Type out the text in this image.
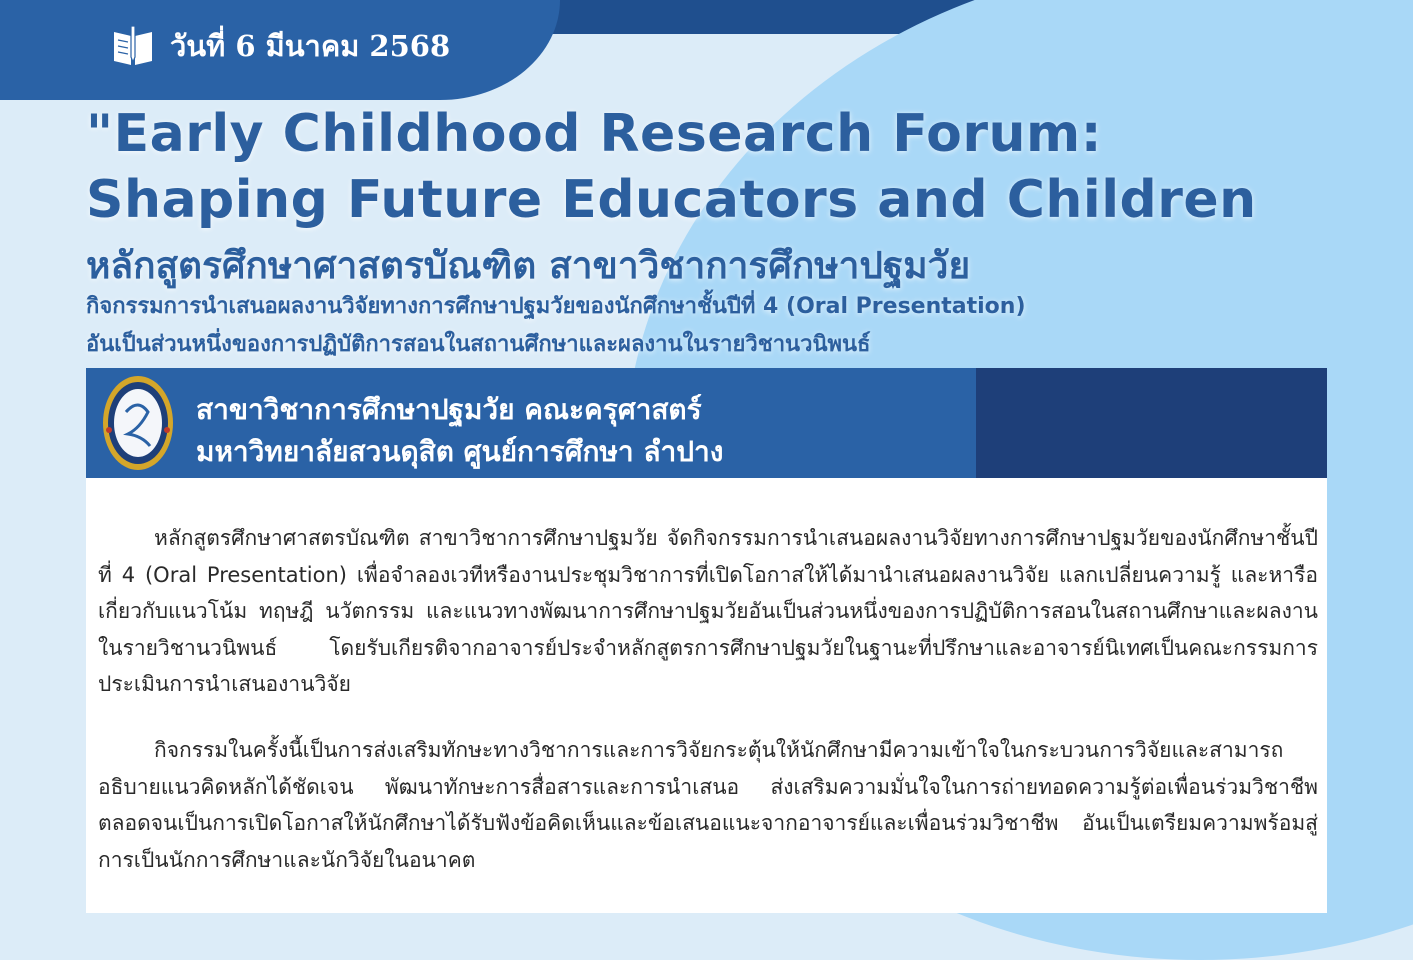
วันที่ 6 มีนาคม 2568
"Early Childhood Research Forum:
Shaping Future Educators and Children
หลักสูตรศึกษาศาสตรบัณฑิต สาขาวิชาการศึกษาปฐมวัย
กิจกรรมการนำเสนอผลงานวิจัยทางการศึกษาปฐมวัยของนักศึกษาชั้นปีที่ 4 (Oral Presentation)
อันเป็นส่วนหนึ่งของการปฏิบัติการสอนในสถานศึกษาและผลงานในรายวิชานวนิพนธ์
สาขาวิชาการศึกษาปฐมวัย คณะครุศาสตร์
มหาวิทยาลัยสวนดุสิต ศูนย์การศึกษา ลำปาง

หลักสูตรศึกษาศาสตรบัณฑิต สาขาวิชาการศึกษาปฐมวัย จัดกิจกรรมการนำเสนอผลงานวิจัยทางการศึกษาปฐมวัยของนักศึกษาชั้นปีที่ 4 (Oral Presentation) เพื่อจำลองเวทีหรืองานประชุมวิชาการที่เปิดโอกาสให้ได้มานำเสนอผลงานวิจัย แลกเปลี่ยนความรู้ และหารือเกี่ยวกับแนวโน้ม ทฤษฎี นวัตกรรม และแนวทางพัฒนาการศึกษาปฐมวัยอันเป็นส่วนหนึ่งของการปฏิบัติการสอนในสถานศึกษาและผลงานในรายวิชานวนิพนธ์ โดยรับเกียรติจากอาจารย์ประจำหลักสูตรการศึกษาปฐมวัยในฐานะที่ปรึกษาและอาจารย์นิเทศเป็นคณะกรรมการประเมินการนำเสนองานวิจัย

กิจกรรมในครั้งนี้เป็นการส่งเสริมทักษะทางวิชาการและการวิจัยกระตุ้นให้นักศึกษามีความเข้าใจในกระบวนการวิจัยและสามารถอธิบายแนวคิดหลักได้ชัดเจน พัฒนาทักษะการสื่อสารและการนำเสนอ ส่งเสริมความมั่นใจในการถ่ายทอดความรู้ต่อเพื่อนร่วมวิชาชีพ ตลอดจนเป็นการเปิดโอกาสให้นักศึกษาได้รับฟังข้อคิดเห็นและข้อเสนอแนะจากอาจารย์และเพื่อนร่วมวิชาชีพ อันเป็นเตรียมความพร้อมสู่การเป็นนักการศึกษาและนักวิจัยในอนาคต
